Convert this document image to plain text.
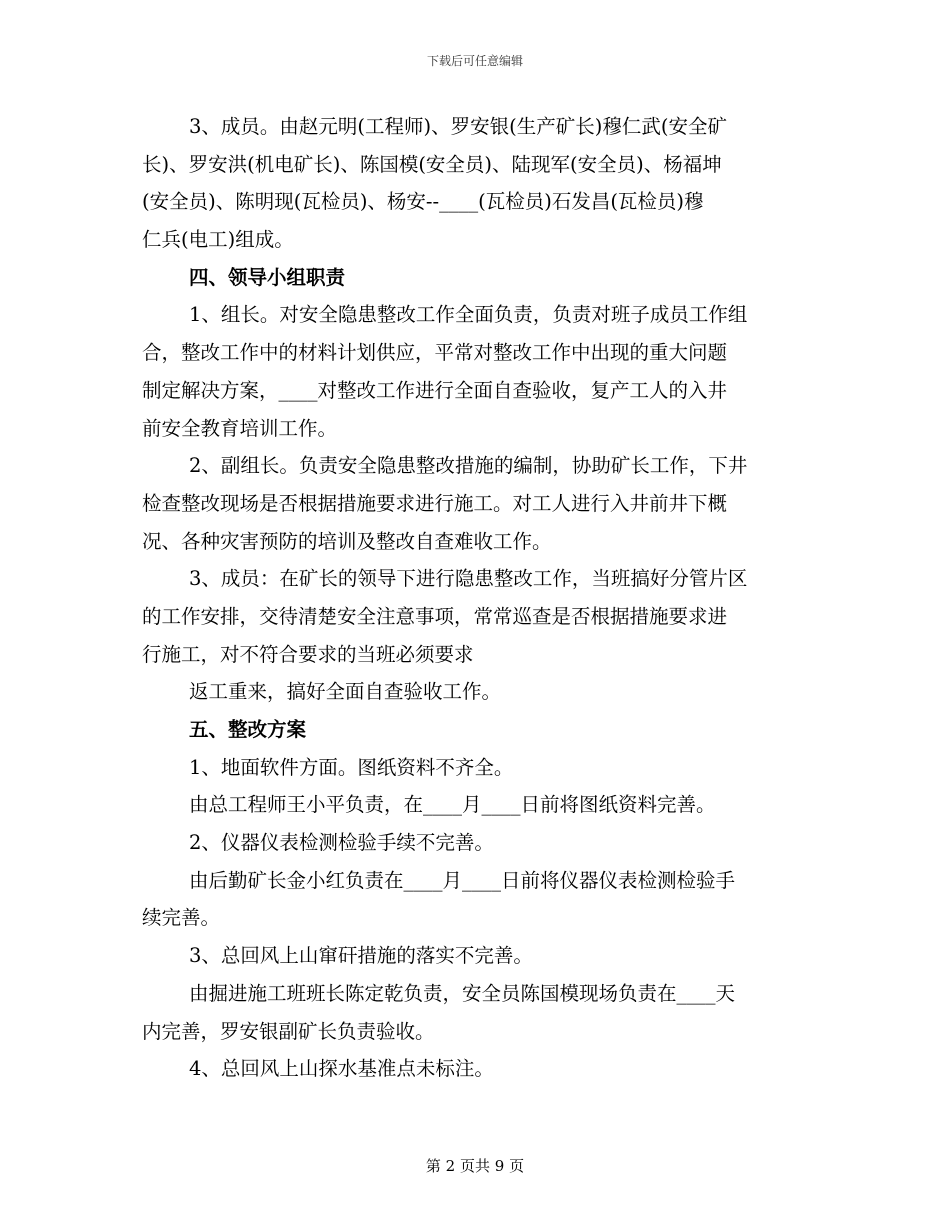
下载后可任意编辑
3、成员。由赵元明(工程师)、罗安银(生产矿长)穆仁武(安全矿
长)、罗安洪(机电矿长)、陈国模(安全员)、陆现军(安全员)、杨福坤
(安全员)、陈明现(瓦检员)、杨安--____(瓦检员)石发昌(瓦检员)穆
仁兵(电工)组成。
四、领导小组职责
1、组长。对安全隐患整改工作全面负责，负责对班子成员工作组
合，整改工作中的材料计划供应，平常对整改工作中出现的重大问题
制定解决方案，____对整改工作进行全面自查验收，复产工人的入井
前安全教育培训工作。
2、副组长。负责安全隐患整改措施的编制，协助矿长工作，下井
检查整改现场是否根据措施要求进行施工。对工人进行入井前井下概
况、各种灾害预防的培训及整改自查难收工作。
3、成员：在矿长的领导下进行隐患整改工作，当班搞好分管片区
的工作安排，交待清楚安全注意事项，常常巡查是否根据措施要求进
行施工，对不符合要求的当班必须要求
返工重来，搞好全面自查验收工作。
五、整改方案
1、地面软件方面。图纸资料不齐全。
由总工程师王小平负责，在____月____日前将图纸资料完善。
2、仪器仪表检测检验手续不完善。
由后勤矿长金小红负责在____月____日前将仪器仪表检测检验手
续完善。
3、总回风上山窜矸措施的落实不完善。
由掘进施工班班长陈定乾负责，安全员陈国模现场负责在____天
内完善，罗安银副矿长负责验收。
4、总回风上山探水基准点未标注。
第 2 页共 9 页
